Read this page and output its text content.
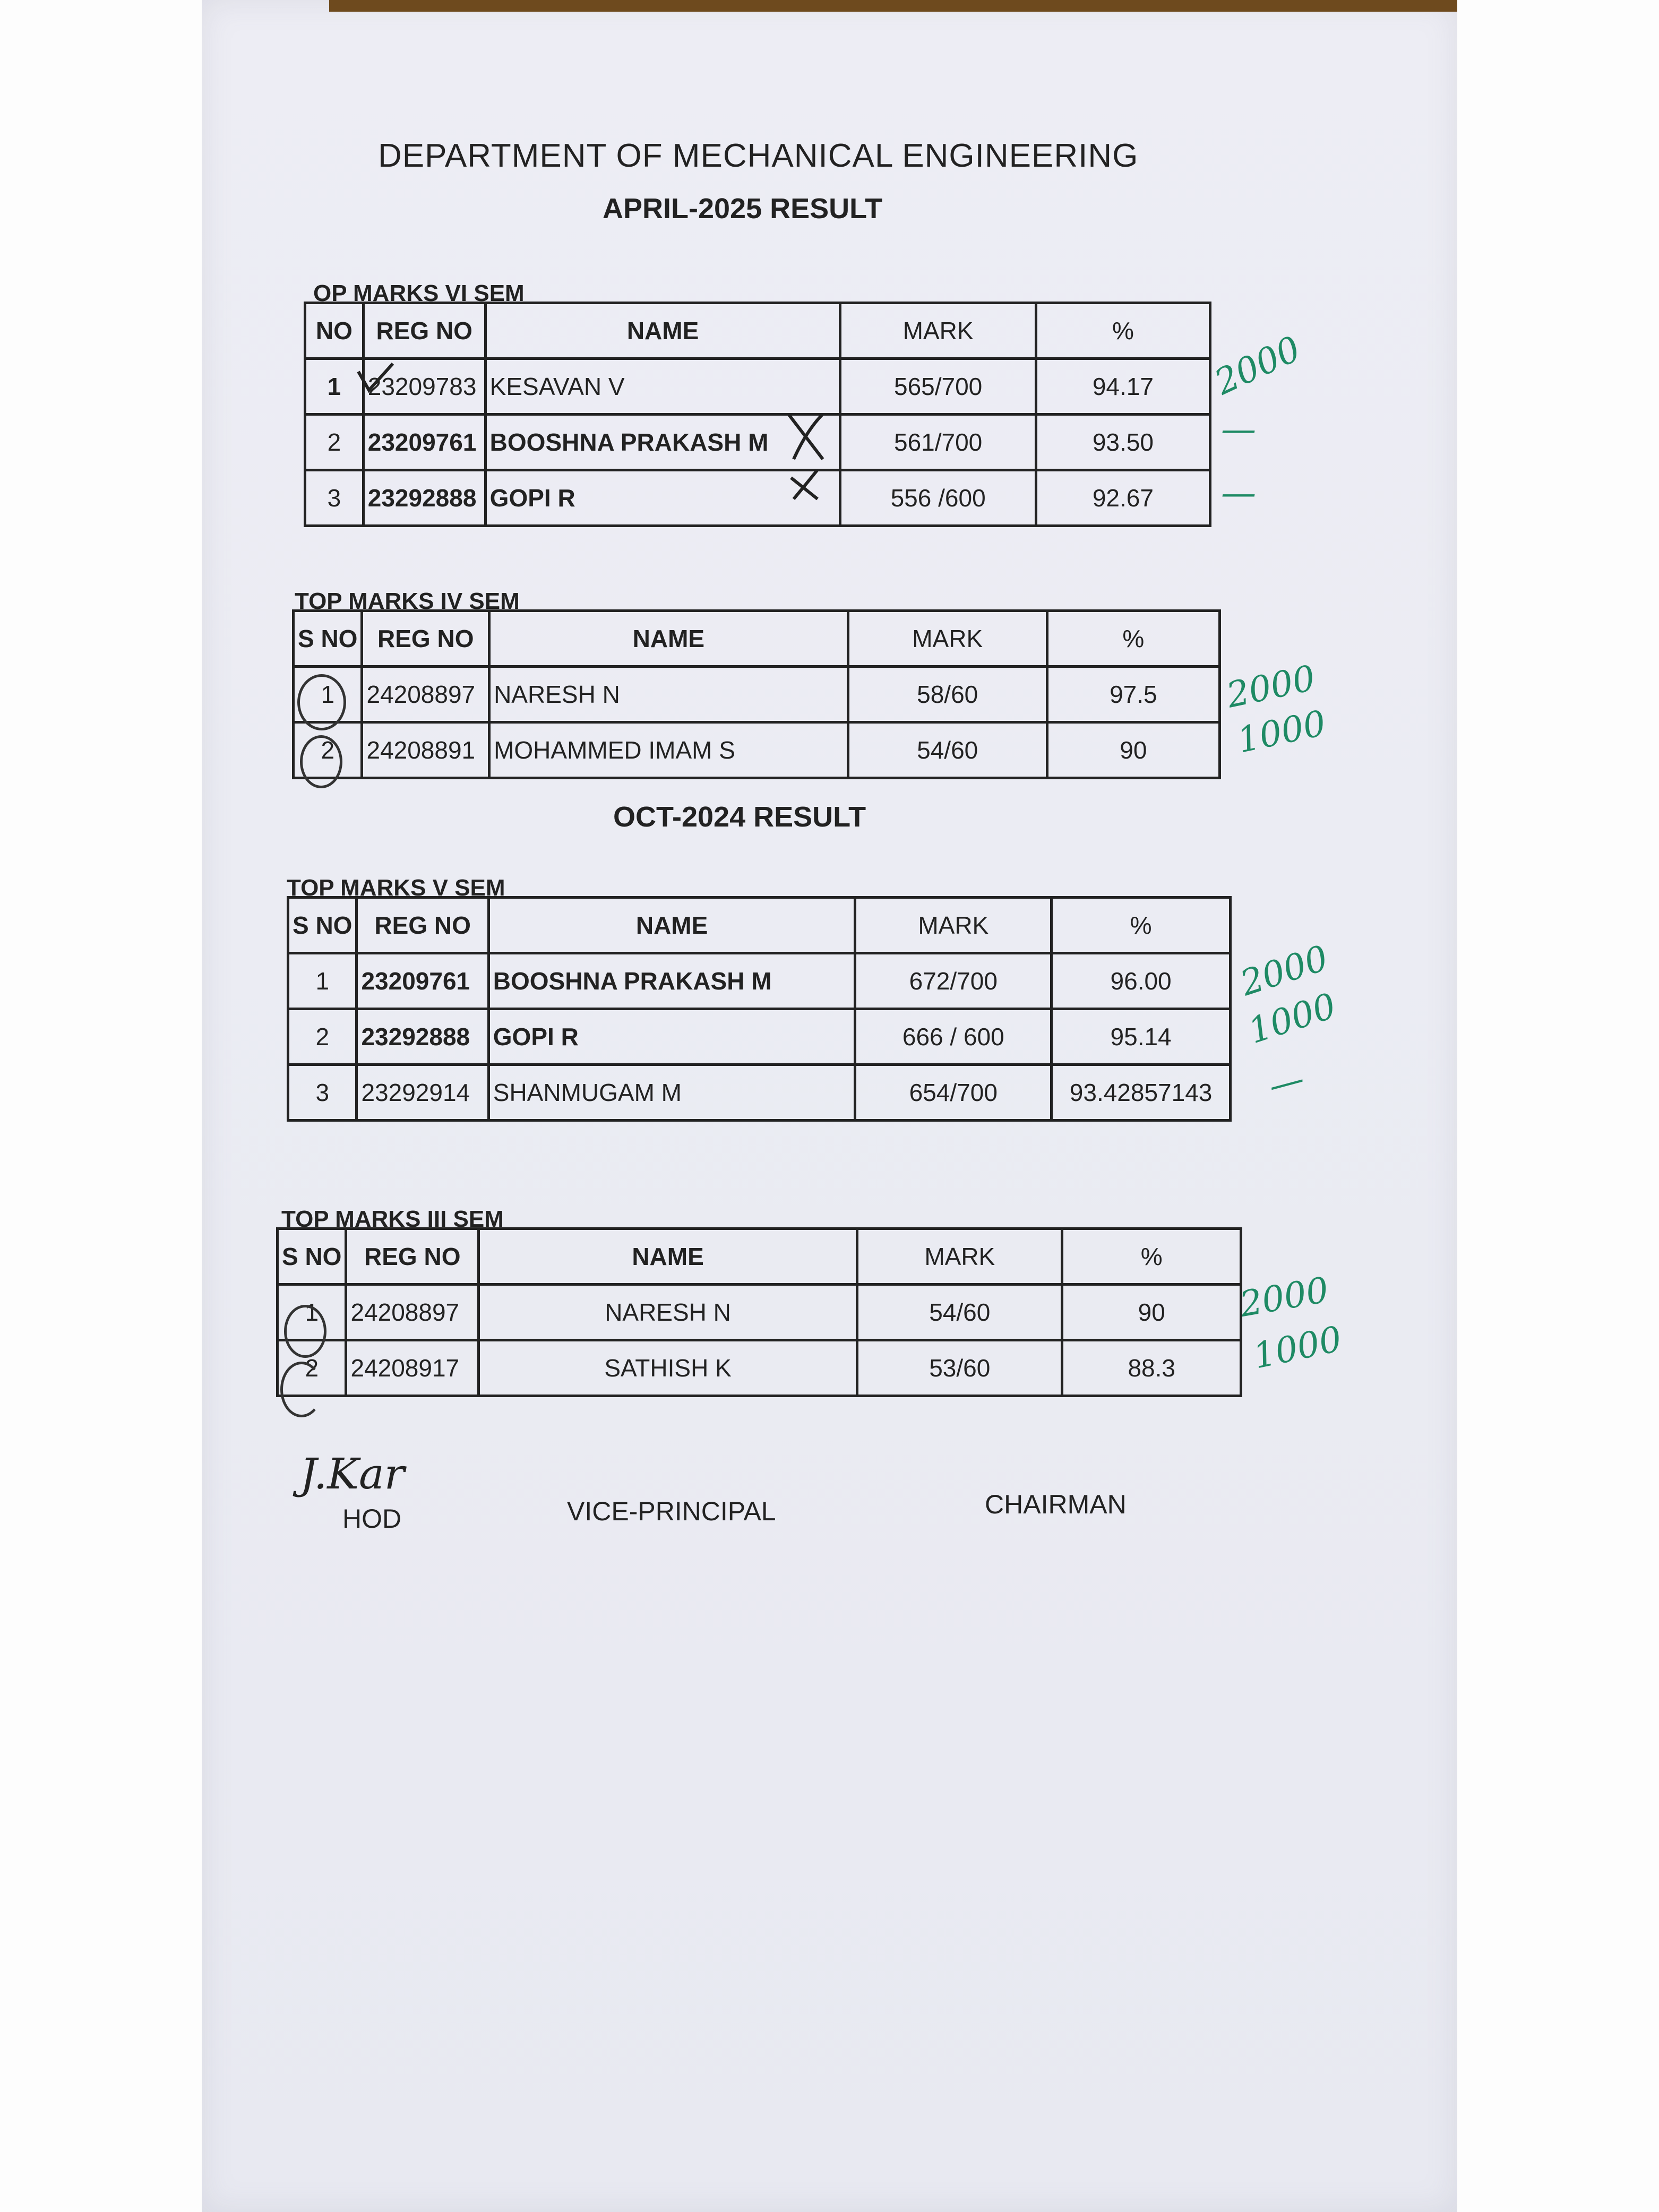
DEPARTMENT OF MECHANICAL ENGINEERING
APRIL-2025 RESULT
OP MARKS VI SEM
NO	REG NO	NAME	MARK	%
1	23209783	KESAVAN V	565/700	94.17
2	23209761	BOOSHNA PRAKASH M	561/700	93.50
3	23292888	GOPI R	556 /600	92.67
TOP MARKS IV SEM
S NO	REG NO	NAME	MARK	%
1	24208897	NARESH N	58/60	97.5
2	24208891	MOHAMMED IMAM S	54/60	90
OCT-2024 RESULT
TOP MARKS V SEM
S NO	REG NO	NAME	MARK	%
1	23209761	BOOSHNA PRAKASH M	672/700	96.00
2	23292888	GOPI R	666 / 600	95.14
3	23292914	SHANMUGAM M	654/700	93.42857143
TOP MARKS III SEM
S NO	REG NO	NAME	MARK	%
1	24208897	NARESH N	54/60	90
2	24208917	SATHISH K	53/60	88.3
J.Kar
HOD	VICE-PRINCIPAL	CHAIRMAN
2000
—
—
2000
1000
2000
1000
—
2000
1000
